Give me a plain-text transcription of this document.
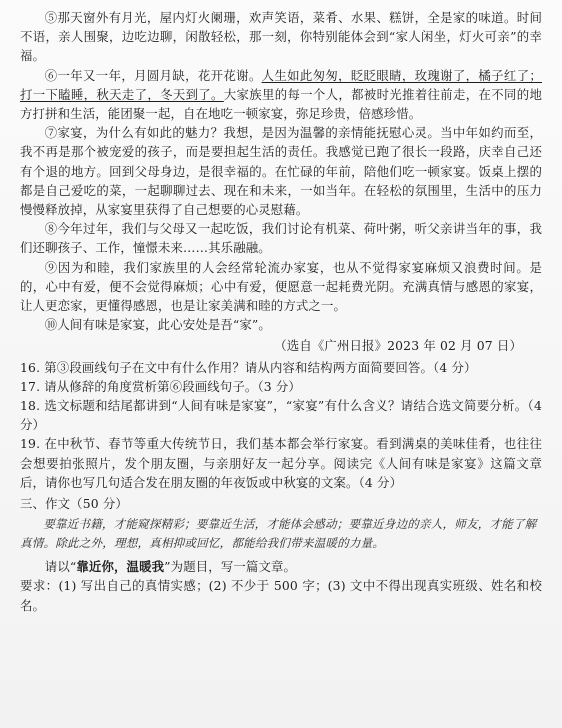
⑤那天窗外有月光，屋内灯火阑珊，欢声笑语，菜肴、水果、糕饼，全是家的味道。时间不语，亲人围聚，边吃边聊，闲散轻松，那一刻，你特别能体会到“家人闲坐，灯火可亲”的幸福。

⑥一年又一年，月圆月缺，花开花谢。人生如此匆匆，眨眨眼睛，玫瑰谢了，橘子红了；打一下瞌睡，秋天走了，冬天到了。大家族里的每一个人，都被时光推着往前走，在不同的地方打拼和生活，能团聚一起，自在地吃一顿家宴，弥足珍贵，倍感珍惜。

⑦家宴，为什么有如此的魅力？我想，是因为温馨的亲情能抚慰心灵。当中年如约而至，我不再是那个被宠爱的孩子，而是要担起生活的责任。我感觉已跑了很长一段路，庆幸自己还有个退的地方。回到父母身边，是很幸福的。在忙碌的年前，陪他们吃一顿家宴。饭桌上摆的都是自己爱吃的菜，一起聊聊过去、现在和未来，一如当年。在轻松的氛围里，生活中的压力慢慢释放掉，从家宴里获得了自己想要的心灵慰藉。

⑧今年过年，我们与父母又一起吃饭，我们讨论有机菜、荷叶粥，听父亲讲当年的事，我们还聊孩子、工作，憧憬未来……其乐融融。

⑨因为和睦，我们家族里的人会经常轮流办家宴，也从不觉得家宴麻烦又浪费时间。是的，心中有爱，便不会觉得麻烦；心中有爱，便愿意一起耗费光阴。充满真情与感恩的家宴，让人更恋家，更懂得感恩，也是让家美满和睦的方式之一。

⑩人间有味是家宴，此心安处是吾“家”。

（选自《广州日报》2023 年 02 月 07 日）

16. 第③段画线句子在文中有什么作用？请从内容和结构两方面简要回答。（4 分）

17. 请从修辞的角度赏析第⑥段画线句子。（3 分）

18. 选文标题和结尾都讲到“人间有味是家宴”，“家宴”有什么含义？请结合选文简要分析。（4 分）

19. 在中秋节、春节等重大传统节日，我们基本都会举行家宴。看到满桌的美味佳肴，也往往会想要拍张照片，发个朋友圈，与亲朋好友一起分享。阅读完《人间有味是家宴》这篇文章后，请你也写几句适合发在朋友圈的年夜饭或中秋宴的文案。（4 分）

三、作文（50 分）

要靠近书籍，才能窥探精彩；要靠近生活，才能体会感动；要靠近身边的亲人，师友，才能了解真情。除此之外，理想，真相抑或回忆，都能给我们带来温暖的力量。

请以“靠近你，温暖我”为题目，写一篇文章。

要求：(1) 写出自己的真情实感；(2) 不少于 500 字；(3) 文中不得出现真实班级、姓名和校名。
